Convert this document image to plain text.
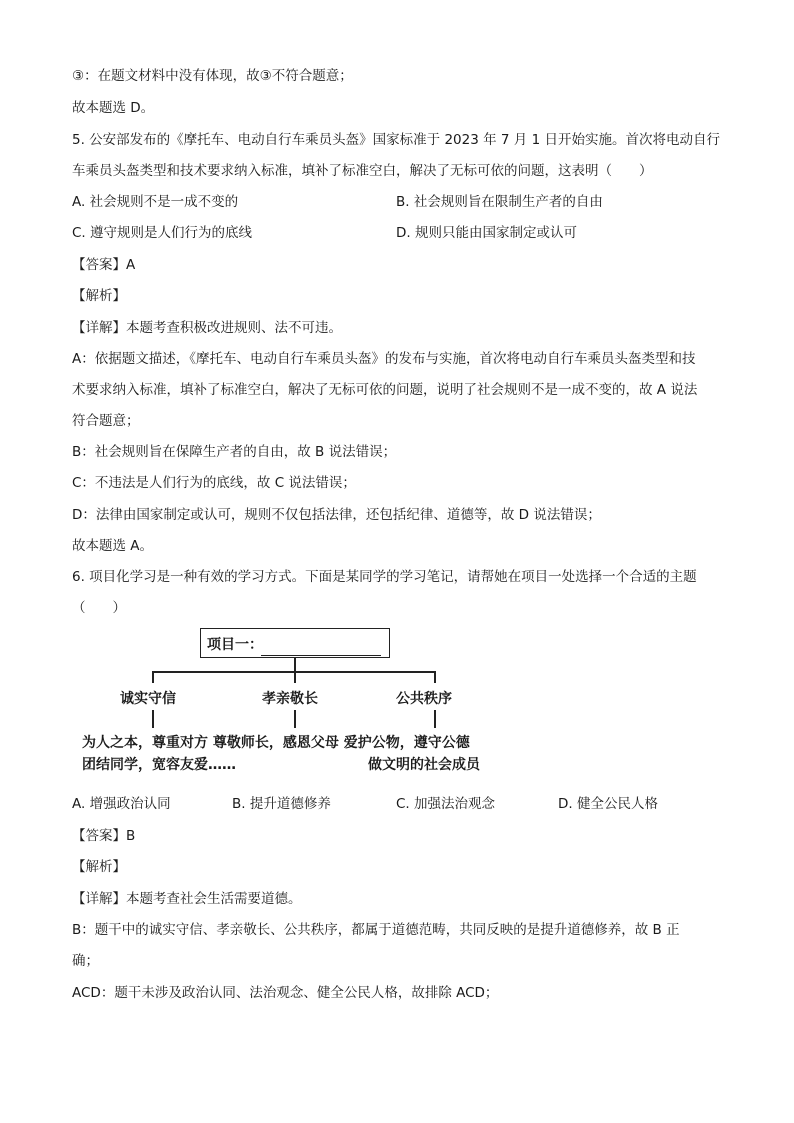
③：在题文材料中没有体现，故③不符合题意；
故本题选 D。
5. 公安部发布的《摩托车、电动自行车乘员头盔》国家标准于 2023 年 7 月 1 日开始实施。首次将电动自行
车乘员头盔类型和技术要求纳入标准，填补了标准空白，解决了无标可依的问题，这表明（　　）
A. 社会规则不是一成不变的	B. 社会规则旨在限制生产者的自由
C. 遵守规则是人们行为的底线	D. 规则只能由国家制定或认可
【答案】A
【解析】
【详解】本题考查积极改进规则、法不可违。
A：依据题文描述，《摩托车、电动自行车乘员头盔》的发布与实施，首次将电动自行车乘员头盔类型和技
术要求纳入标准，填补了标准空白，解决了无标可依的问题，说明了社会规则不是一成不变的，故 A 说法
符合题意；
B：社会规则旨在保障生产者的自由，故 B 说法错误；
C：不违法是人们行为的底线，故 C 说法错误；
D：法律由国家制定或认可，规则不仅包括法律，还包括纪律、道德等，故 D 说法错误；
故本题选 A。
6. 项目化学习是一种有效的学习方式。下面是某同学的学习笔记，请帮她在项目一处选择一个合适的主题
（　　）
项目一：
诚实守信	孝亲敬长	公共秩序
为人之本，尊重对方 尊敬师长，感恩父母 爱护公物，遵守公德
团结同学，宽容友爱……	做文明的社会成员
A. 增强政治认同	B. 提升道德修养	C. 加强法治观念	D. 健全公民人格
【答案】B
【解析】
【详解】本题考查社会生活需要道德。
B：题干中的诚实守信、孝亲敬长、公共秩序，都属于道德范畴，共同反映的是提升道德修养，故 B 正
确；
ACD：题干未涉及政治认同、法治观念、健全公民人格，故排除 ACD；
